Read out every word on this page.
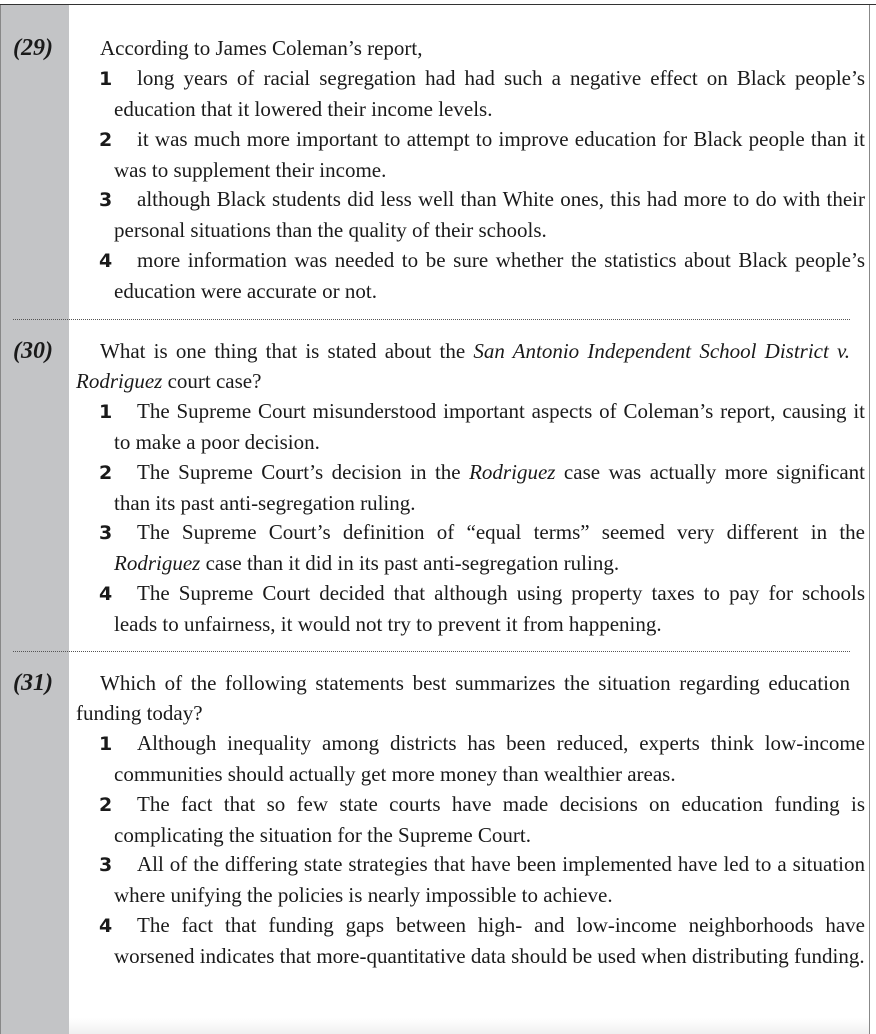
(29)	According to James Coleman’s report,
1 long years of racial segregation had had such a negative effect on Black people’s education that it lowered their income levels.
2 it was much more important to attempt to improve education for Black people than it was to supplement their income.
3 although Black students did less well than White ones, this had more to do with their personal situations than the quality of their schools.
4 more information was needed to be sure whether the statistics about Black people’s education were accurate or not.
(30)	What is one thing that is stated about the San Antonio Independent School District v. Rodriguez court case?
1 The Supreme Court misunderstood important aspects of Coleman’s report, causing it to make a poor decision.
2 The Supreme Court’s decision in the Rodriguez case was actually more significant than its past anti-segregation ruling.
3 The Supreme Court’s definition of “equal terms” seemed very different in the Rodriguez case than it did in its past anti-segregation ruling.
4 The Supreme Court decided that although using property taxes to pay for schools leads to unfairness, it would not try to prevent it from happening.
(31)	Which of the following statements best summarizes the situation regarding education funding today?
1 Although inequality among districts has been reduced, experts think low-income communities should actually get more money than wealthier areas.
2 The fact that so few state courts have made decisions on education funding is complicating the situation for the Supreme Court.
3 All of the differing state strategies that have been implemented have led to a situation where unifying the policies is nearly impossible to achieve.
4 The fact that funding gaps between high- and low-income neighborhoods have worsened indicates that more-quantitative data should be used when distributing funding.
